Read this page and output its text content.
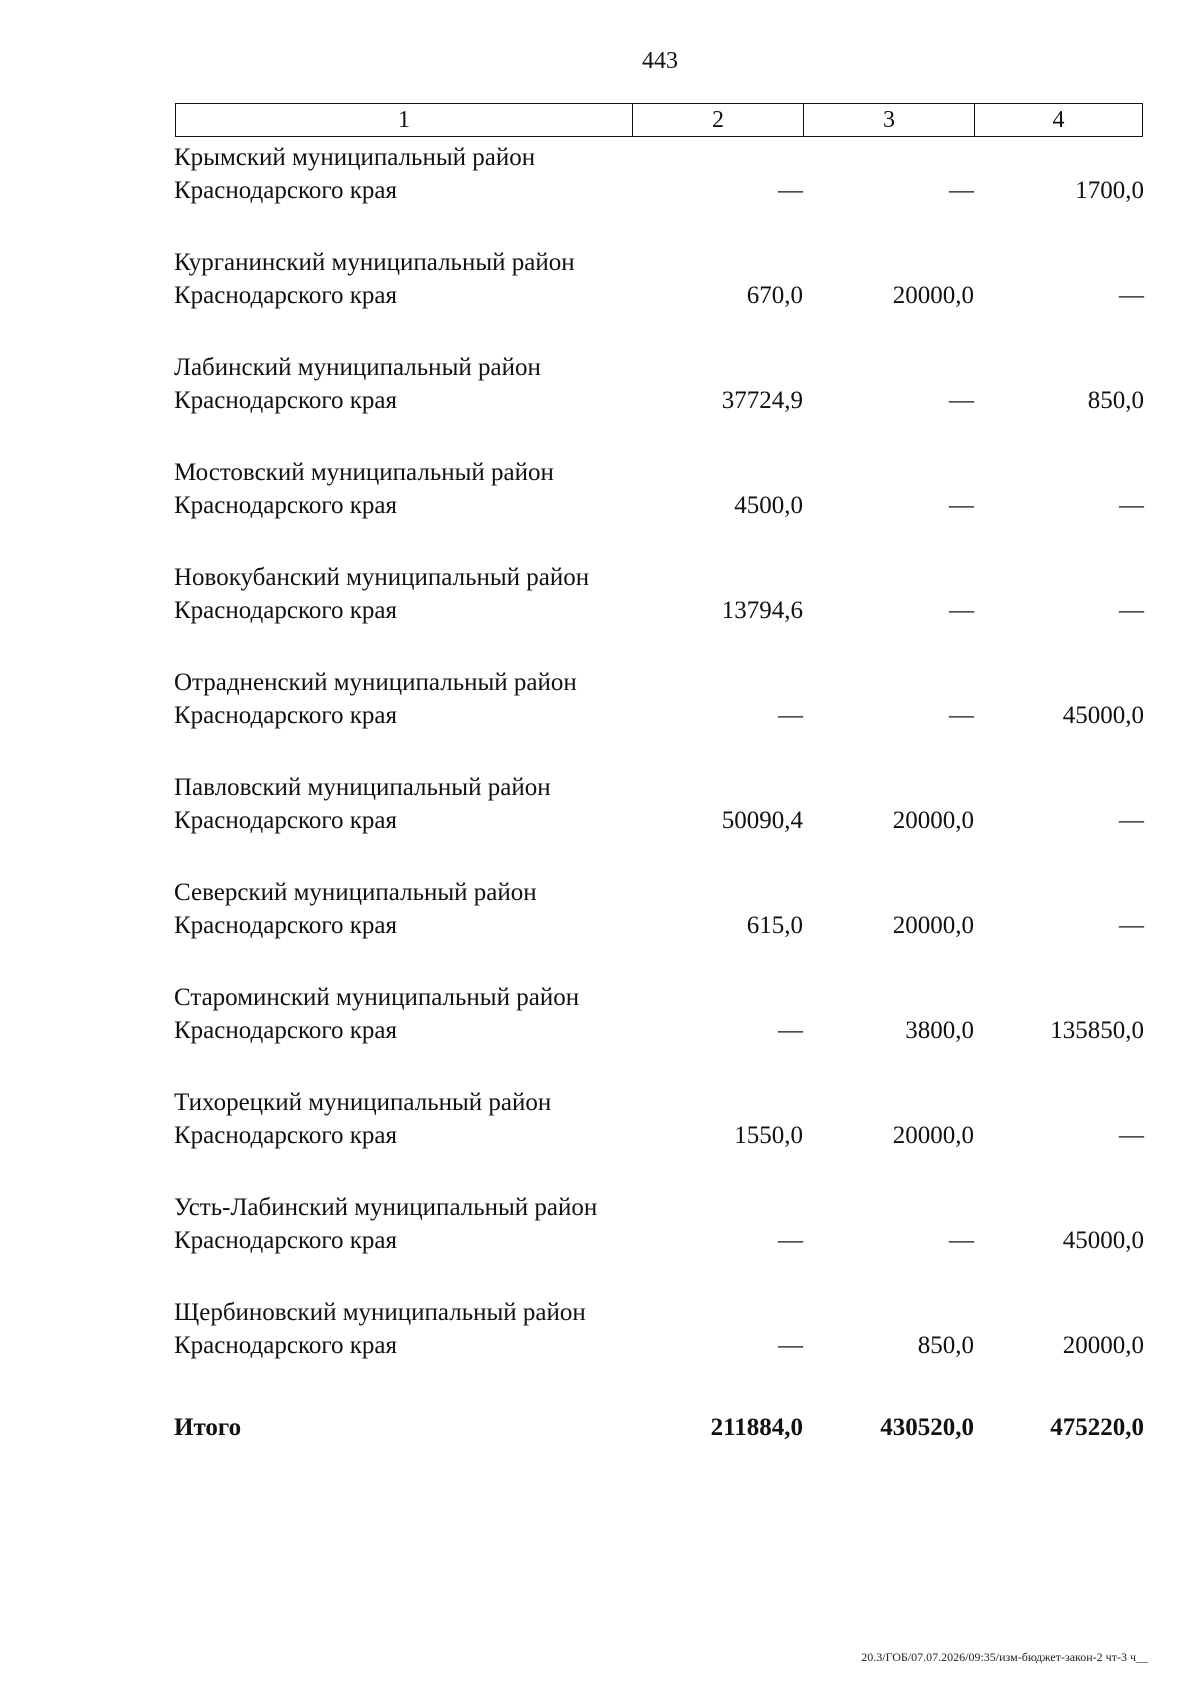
443
1	2	3	4
Крымский муниципальный район Краснодарского края	—	—	1700,0
Курганинский муниципальный район Краснодарского края	670,0	20000,0	—
Лабинский муниципальный район Краснодарского края	37724,9	—	850,0
Мостовский муниципальный район Краснодарского края	4500,0	—	—
Новокубанский муниципальный район Краснодарского края	13794,6	—	—
Отрадненский муниципальный район Краснодарского края	—	—	45000,0
Павловский муниципальный район Краснодарского края	50090,4	20000,0	—
Северский муниципальный район Краснодарского края	615,0	20000,0	—
Староминский муниципальный район Краснодарского края	—	3800,0	135850,0
Тихорецкий муниципальный район Краснодарского края	1550,0	20000,0	—
Усть-Лабинский муниципальный район Краснодарского края	—	—	45000,0
Щербиновский муниципальный район Краснодарского края	—	850,0	20000,0
Итого	211884,0	430520,0	475220,0
20.3/ГОБ/07.07.2026/09:35/изм-бюджет-закон-2 чт-3 ч__
